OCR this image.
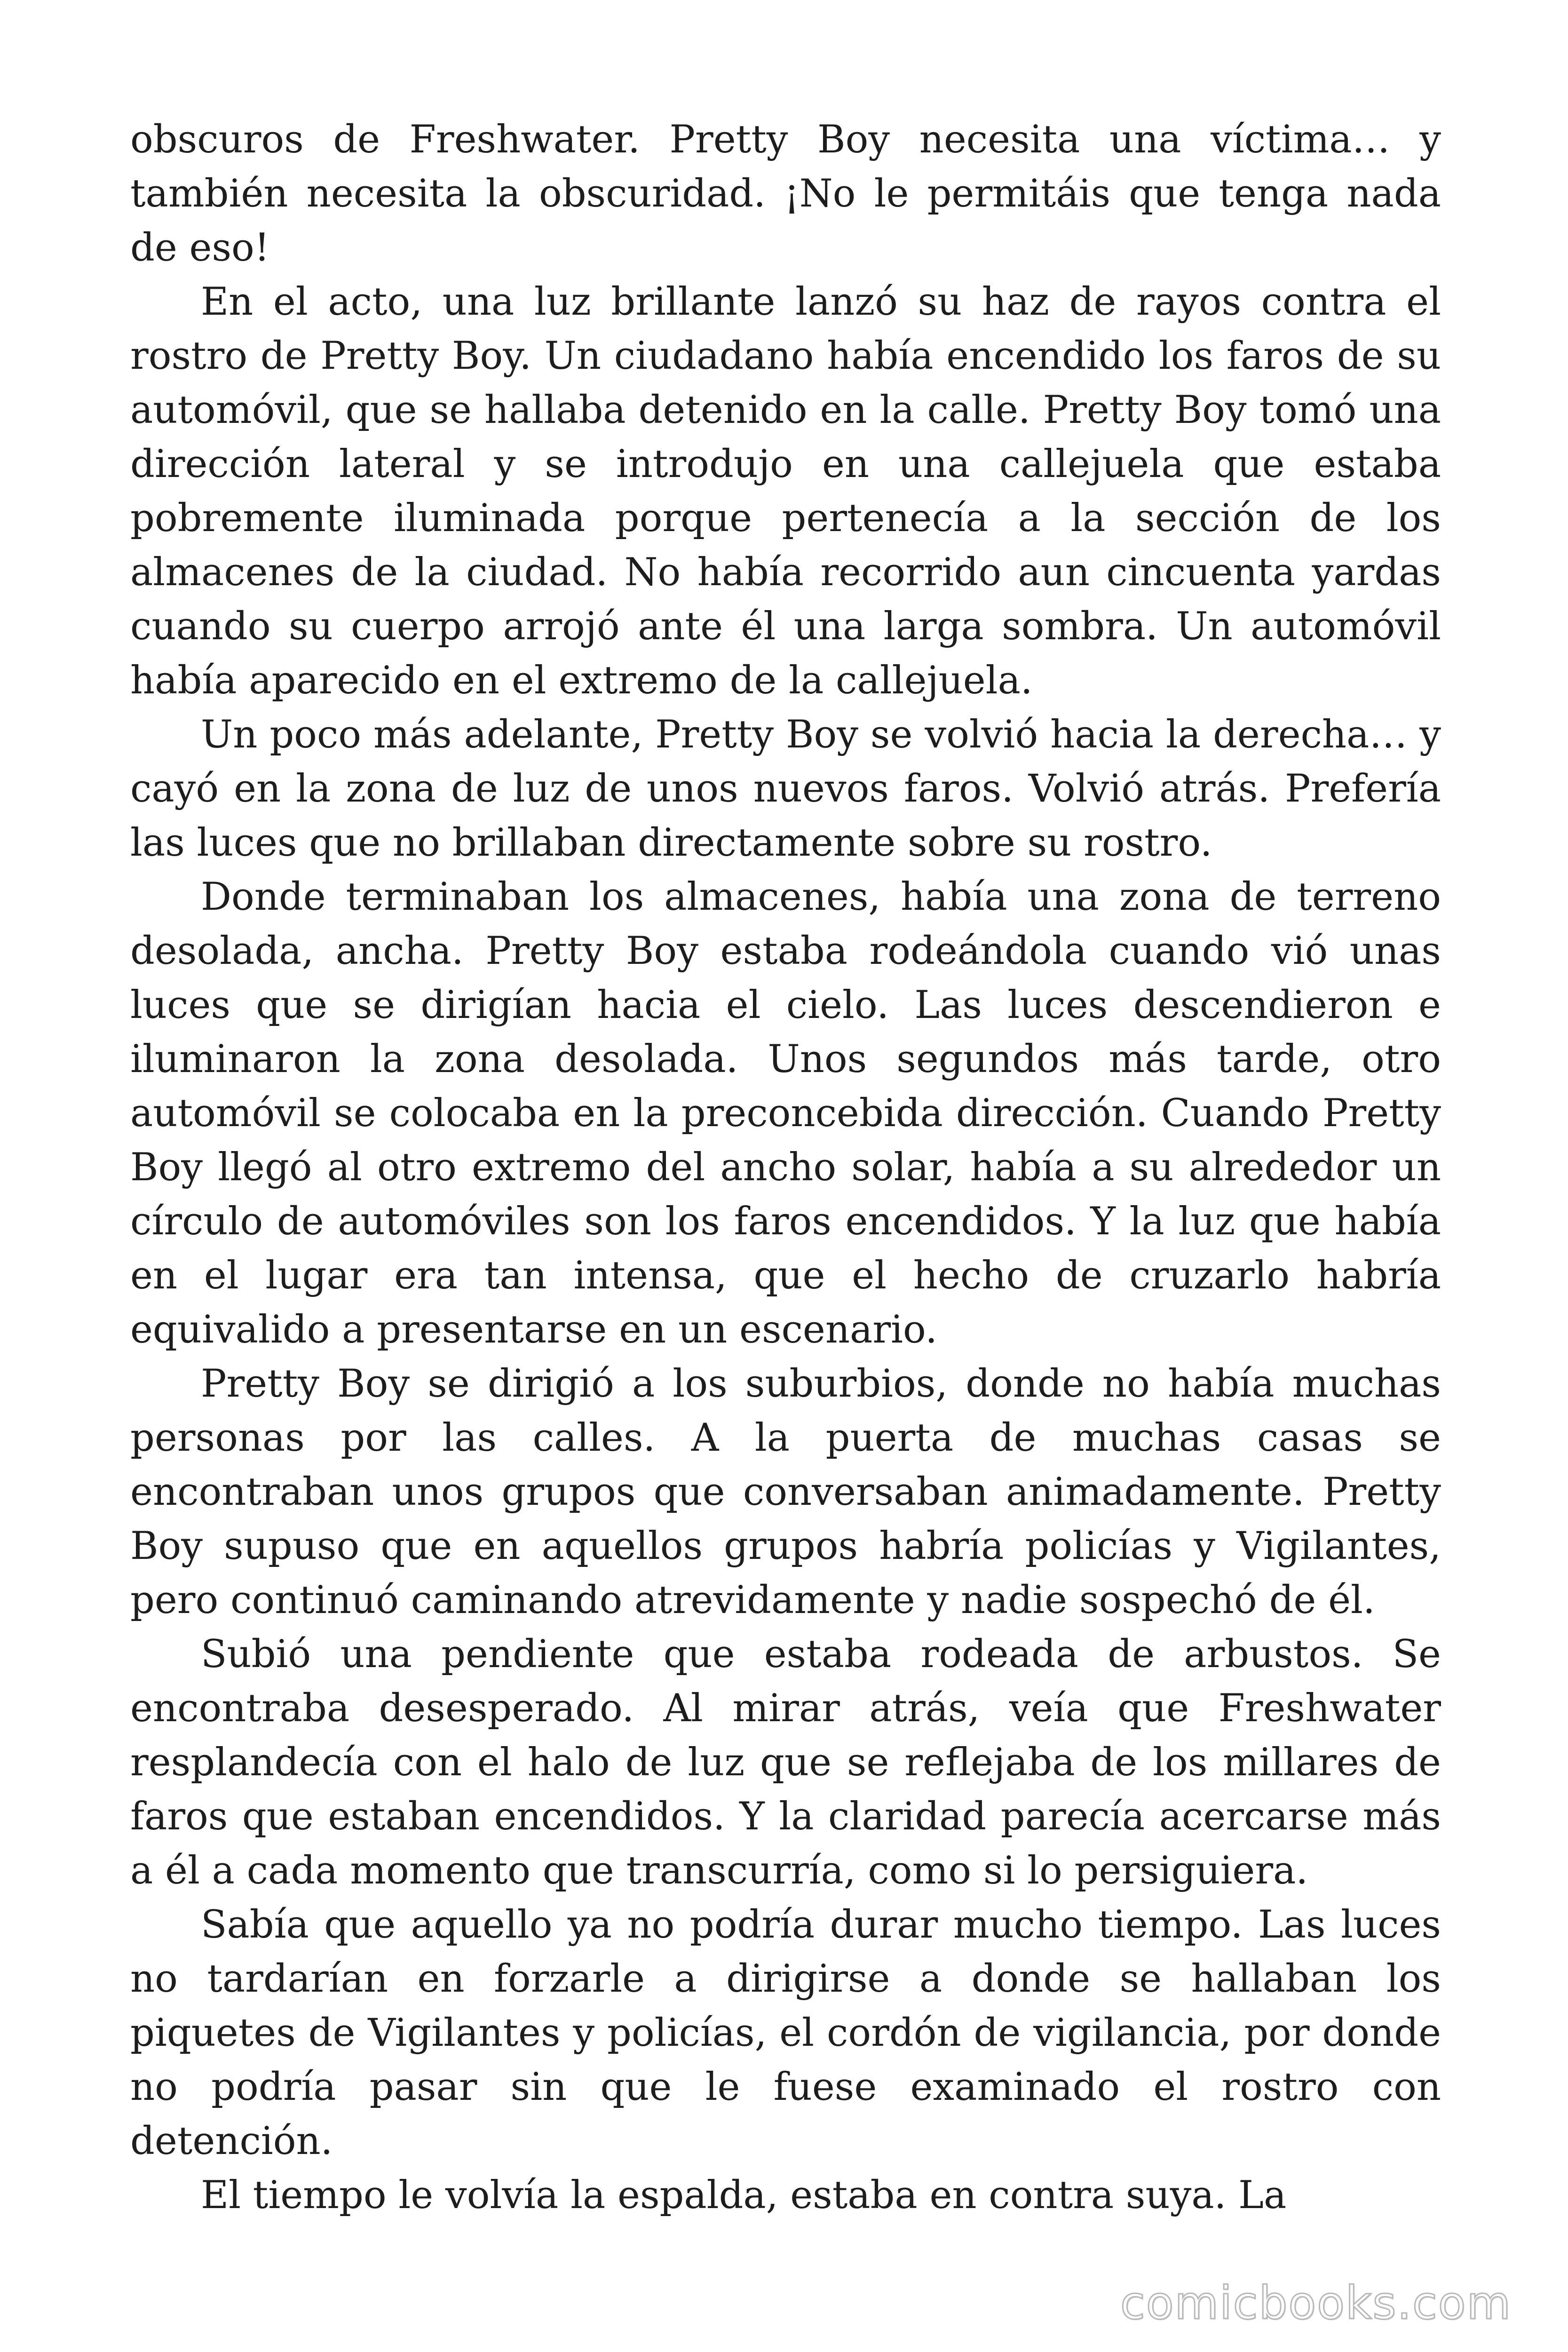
obscuros de Freshwater. Pretty Boy necesita una víctima… y también necesita la obscuridad. ¡No le permitáis que tenga nada de eso!

En el acto, una luz brillante lanzó su haz de rayos contra el rostro de Pretty Boy. Un ciudadano había encendido los faros de su automóvil, que se hallaba detenido en la calle. Pretty Boy tomó una dirección lateral y se introdujo en una callejuela que estaba pobremente iluminada porque pertenecía a la sección de los almacenes de la ciudad. No había recorrido aun cincuenta yardas cuando su cuerpo arrojó ante él una larga sombra. Un automóvil había aparecido en el extremo de la callejuela.

Un poco más adelante, Pretty Boy se volvió hacia la derecha… y cayó en la zona de luz de unos nuevos faros. Volvió atrás. Prefería las luces que no brillaban directamente sobre su rostro.

Donde terminaban los almacenes, había una zona de terreno desolada, ancha. Pretty Boy estaba rodeándola cuando vió unas luces que se dirigían hacia el cielo. Las luces descendieron e iluminaron la zona desolada. Unos segundos más tarde, otro automóvil se colocaba en la preconcebida dirección. Cuando Pretty Boy llegó al otro extremo del ancho solar, había a su alrededor un círculo de automóviles son los faros encendidos. Y la luz que había en el lugar era tan intensa, que el hecho de cruzarlo habría equivalido a presentarse en un escenario.

Pretty Boy se dirigió a los suburbios, donde no había muchas personas por las calles. A la puerta de muchas casas se encontraban unos grupos que conversaban animadamente. Pretty Boy supuso que en aquellos grupos habría policías y Vigilantes, pero continuó caminando atrevidamente y nadie sospechó de él.

Subió una pendiente que estaba rodeada de arbustos. Se encontraba desesperado. Al mirar atrás, veía que Freshwater resplandecía con el halo de luz que se reflejaba de los millares de faros que estaban encendidos. Y la claridad parecía acercarse más a él a cada momento que transcurría, como si lo persiguiera.

Sabía que aquello ya no podría durar mucho tiempo. Las luces no tardarían en forzarle a dirigirse a donde se hallaban los piquetes de Vigilantes y policías, el cordón de vigilancia, por donde no podría pasar sin que le fuese examinado el rostro con detención.

El tiempo le volvía la espalda, estaba en contra suya. La

comicbooks.com
